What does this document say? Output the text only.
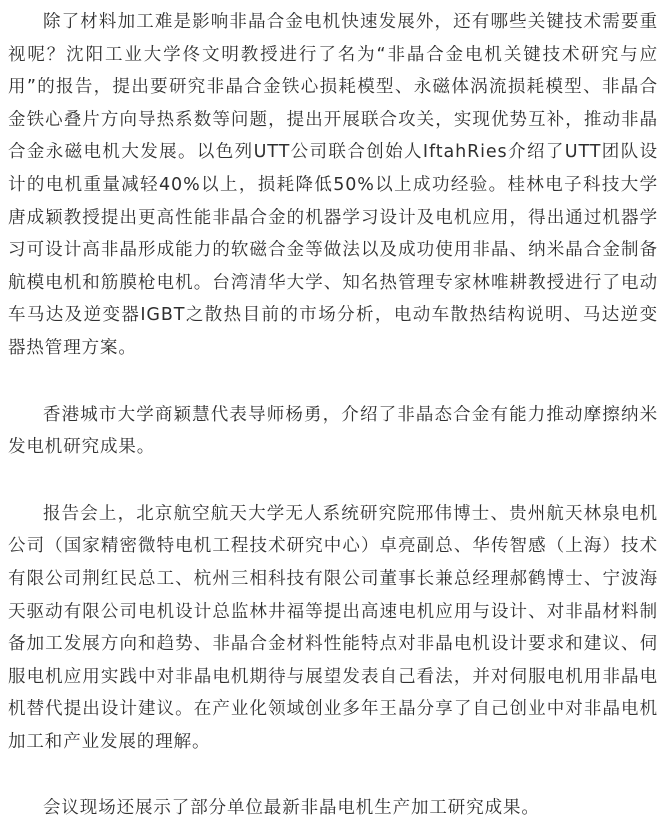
除了材料加工难是影响非晶合金电机快速发展外，还有哪些关键技术需要重视呢？沈阳工业大学佟文明教授进行了名为“非晶合金电机关键技术研究与应用”的报告，提出要研究非晶合金铁心损耗模型、永磁体涡流损耗模型、非晶合金铁心叠片方向导热系数等问题，提出开展联合攻关，实现优势互补，推动非晶合金永磁电机大发展。以色列UTT公司联合创始人IftahRies介绍了UTT团队设计的电机重量减轻40%以上，损耗降低50%以上成功经验。桂林电子科技大学唐成颖教授提出更高性能非晶合金的机器学习设计及电机应用，得出通过机器学习可设计高非晶形成能力的软磁合金等做法以及成功使用非晶、纳米晶合金制备航模电机和筋膜枪电机。台湾清华大学、知名热管理专家林唯耕教授进行了电动车马达及逆变器IGBT之散热目前的市场分析，电动车散热结构说明、马达逆变器热管理方案。

香港城市大学商颖慧代表导师杨勇，介绍了非晶态合金有能力推动摩擦纳米发电机研究成果。

报告会上，北京航空航天大学无人系统研究院邢伟博士、贵州航天林泉电机公司（国家精密微特电机工程技术研究中心）卓亮副总、华传智感（上海）技术有限公司荆红民总工、杭州三相科技有限公司董事长兼总经理郝鹤博士、宁波海天驱动有限公司电机设计总监林井福等提出高速电机应用与设计、对非晶材料制备加工发展方向和趋势、非晶合金材料性能特点对非晶电机设计要求和建议、伺服电机应用实践中对非晶电机期待与展望发表自己看法，并对伺服电机用非晶电机替代提出设计建议。在产业化领域创业多年王晶分享了自己创业中对非晶电机加工和产业发展的理解。

会议现场还展示了部分单位最新非晶电机生产加工研究成果。
